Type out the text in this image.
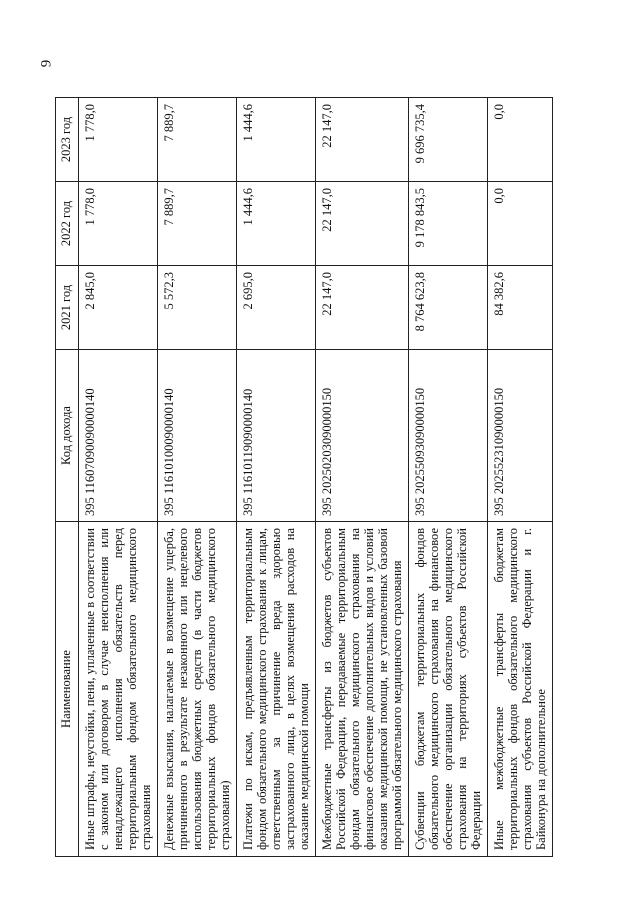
9
Наименование	Код дохода	2021 год	2022 год	2023 год
Иные штрафы, неустойки, пени, уплаченные в соответствии с законом или договором в случае неисполнения или ненадлежащего исполнения обязательств перед территориальным фондом обязательного медицинского страхования	395 11607090090000140	2 845,0	1 778,0	1 778,0
Денежные взыскания, налагаемые в возмещение ущерба, причиненного в результате незаконного или нецелевого использования бюджетных средств (в части бюджетов территориальных фондов обязательного медицинского страхования)	395 11610100090000140	5 572,3	7 889,7	7 889,7
Платежи по искам, предъявленным территориальным фондом обязательного медицинского страхования к лицам, ответственным за причинение вреда здоровью застрахованного лица, в целях возмещения расходов на оказание медицинской помощи	395 11610119090000140	2 695,0	1 444,6	1 444,6
Межбюджетные трансферты из бюджетов субъектов Российской Федерации, передаваемые территориальным фондам обязательного медицинского страхования на финансовое обеспечение дополнительных видов и условий оказания медицинской помощи, не установленных базовой программой обязательного медицинского страхования	395 20250203090000150	22 147,0	22 147,0	22 147,0
Субвенции бюджетам территориальных фондов обязательного медицинского страхования на финансовое обеспечение организации обязательного медицинского страхования на территориях субъектов Российской Федерации	395 20255093090000150	8 764 623,8	9 178 843,5	9 696 735,4
Иные межбюджетные трансферты бюджетам территориальных фондов обязательного медицинского страхования субъектов Российской Федерации и г. Байконура на дополнительное	395 20255231090000150	84 382,6	0,0	0,0
